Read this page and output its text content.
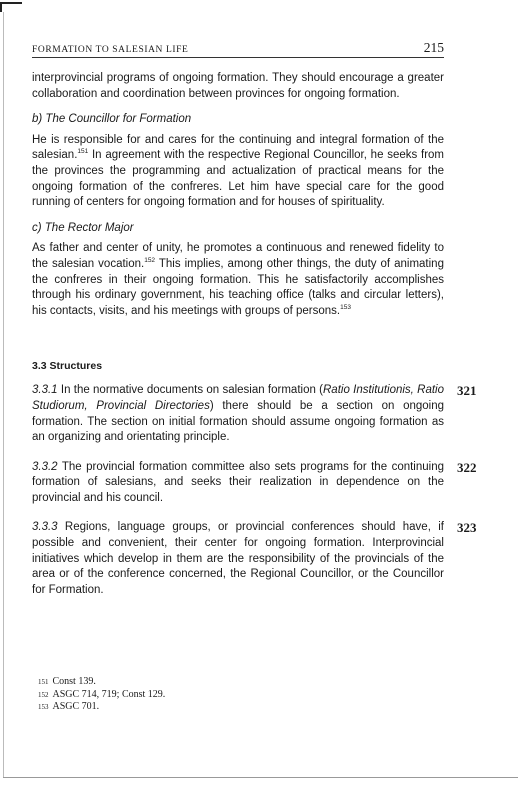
FORMATION TO SALESIAN LIFE	215

interprovincial programs of ongoing formation. They should encourage a greater collaboration and coordination between provinces for ongoing formation.

b) The Councillor for Formation

He is responsible for and cares for the continuing and integral formation of the salesian.$^{151}$ In agreement with the respective Regional Councillor, he seeks from the provinces the programming and actualization of practical means for the ongoing formation of the confreres. Let him have special care for the good running of centers for ongoing formation and for houses of spirituality.

c) The Rector Major

As father and center of unity, he promotes a continuous and renewed fidelity to the salesian vocation.$^{152}$ This implies, among other things, the duty of animating the confreres in their ongoing formation. This he satisfactorily accomplishes through his ordinary government, his teaching office (talks and circular letters), his contacts, visits, and his meetings with groups of persons.$^{153}$

3.3 Structures

321

3.3.1 In the normative documents on salesian formation (Ratio Institutionis, Ratio Studiorum, Provincial Directories) there should be a section on ongoing formation. The section on initial formation should assume ongoing formation as an organizing and orientating principle.

322

3.3.2 The provincial formation committee also sets programs for the continuing formation of salesians, and seeks their realization in dependence on the provincial and his council.

323

3.3.3 Regions, language groups, or provincial conferences should have, if possible and convenient, their center for ongoing formation. Interprovincial initiatives which develop in them are the responsibility of the provincials of the area or of the conference concerned, the Regional Councillor, or the Councillor for Formation.

151 Const 139.
152 ASGC 714, 719; Const 129.
153 ASGC 701.
